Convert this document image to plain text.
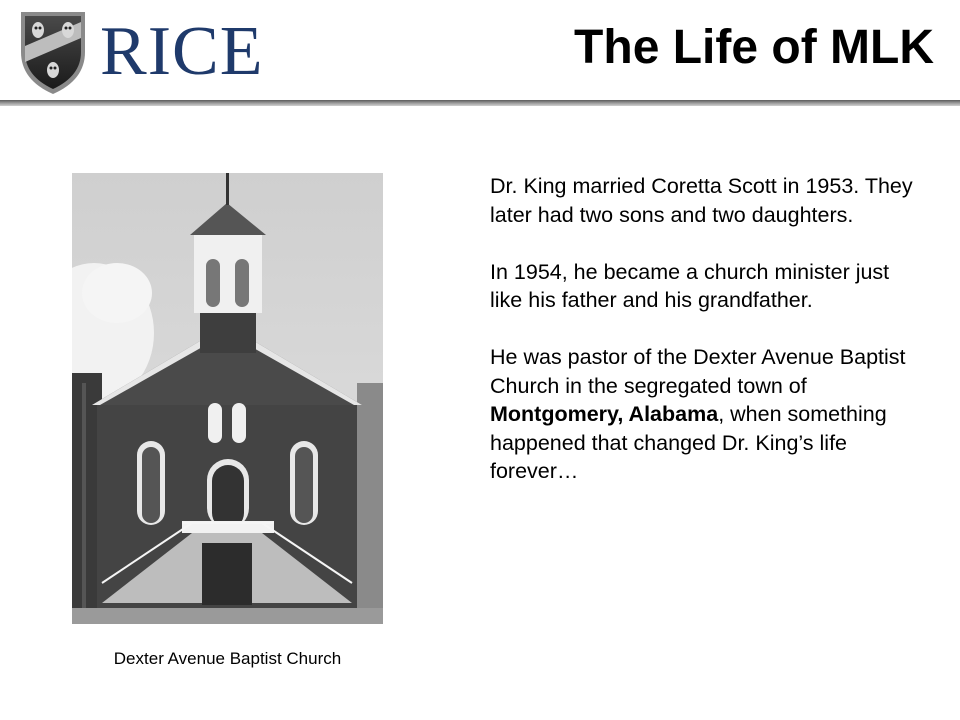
RICE	The Life of MLK
Dexter Avenue Baptist Church

Dr. King married Coretta Scott in 1953. They later had two sons and two daughters.

In 1954, he became a church minister just like his father and his grandfather.

He was pastor of the Dexter Avenue Baptist Church in the segregated town of Montgomery, Alabama, when something happened that changed Dr. King’s life forever…
